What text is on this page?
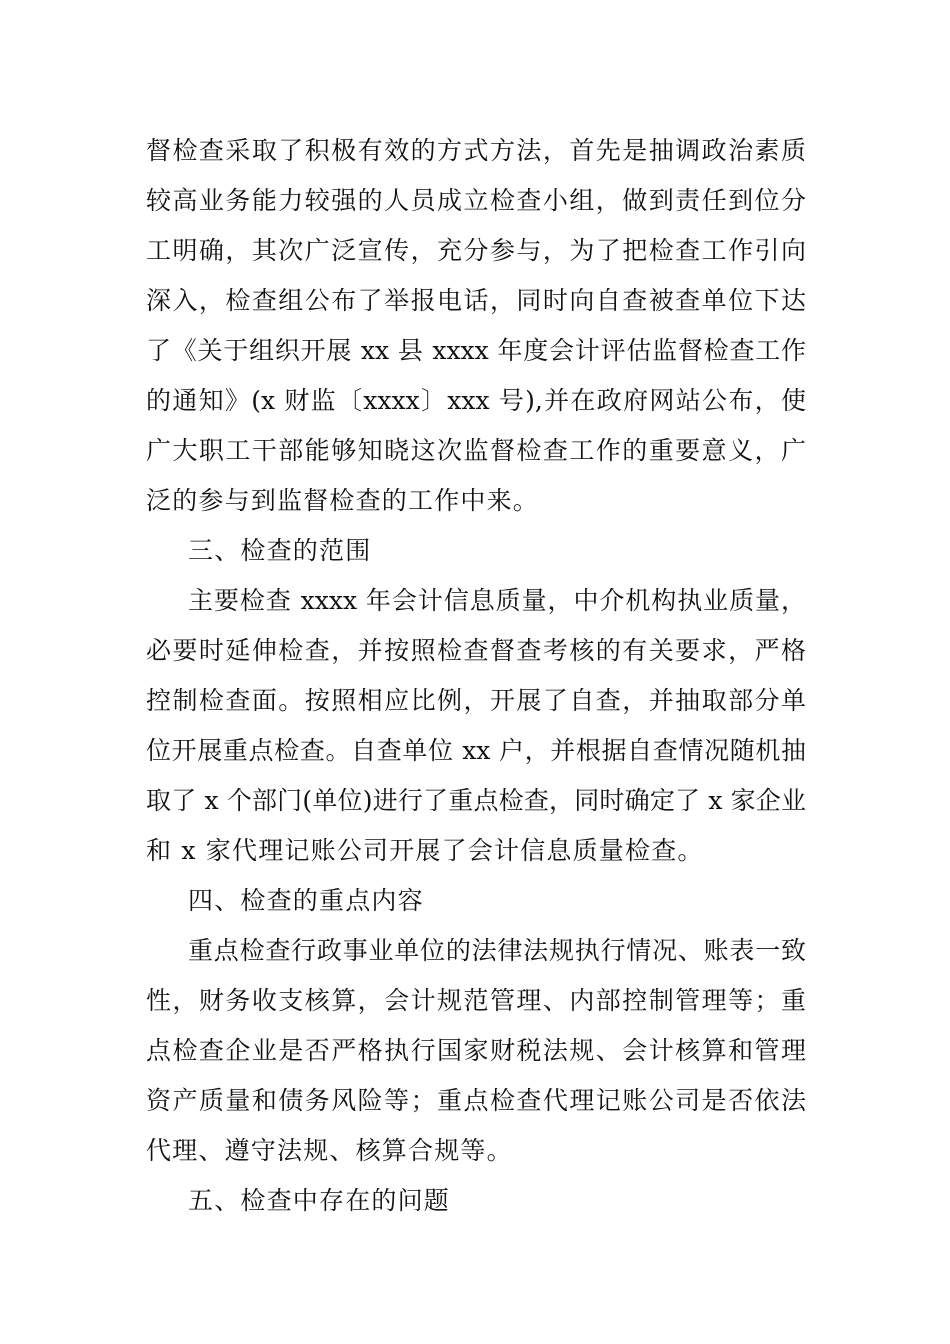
督检查采取了积极有效的方式方法，首先是抽调政治素质
较高业务能力较强的人员成立检查小组，做到责任到位分
工明确，其次广泛宣传，充分参与，为了把检查工作引向
深入，检查组公布了举报电话，同时向自查被查单位下达
了《关于组织开展 xx 县 xxxx 年度会计评估监督检查工作
的通知》(x 财监〔xxxx〕xxx 号),并在政府网站公布，使
广大职工干部能够知晓这次监督检查工作的重要意义，广
泛的参与到监督检查的工作中来。
三、检查的范围
主要检查 xxxx 年会计信息质量，中介机构执业质量，
必要时延伸检查，并按照检查督查考核的有关要求，严格
控制检查面。按照相应比例，开展了自查，并抽取部分单
位开展重点检查。自查单位 xx 户，并根据自查情况随机抽
取了 x 个部门(单位)进行了重点检查，同时确定了 x 家企业
和 x 家代理记账公司开展了会计信息质量检查。
四、检查的重点内容
重点检查行政事业单位的法律法规执行情况、账表一致
性，财务收支核算，会计规范管理、内部控制管理等；重
点检查企业是否严格执行国家财税法规、会计核算和管理
资产质量和债务风险等；重点检查代理记账公司是否依法
代理、遵守法规、核算合规等。
五、检查中存在的问题
